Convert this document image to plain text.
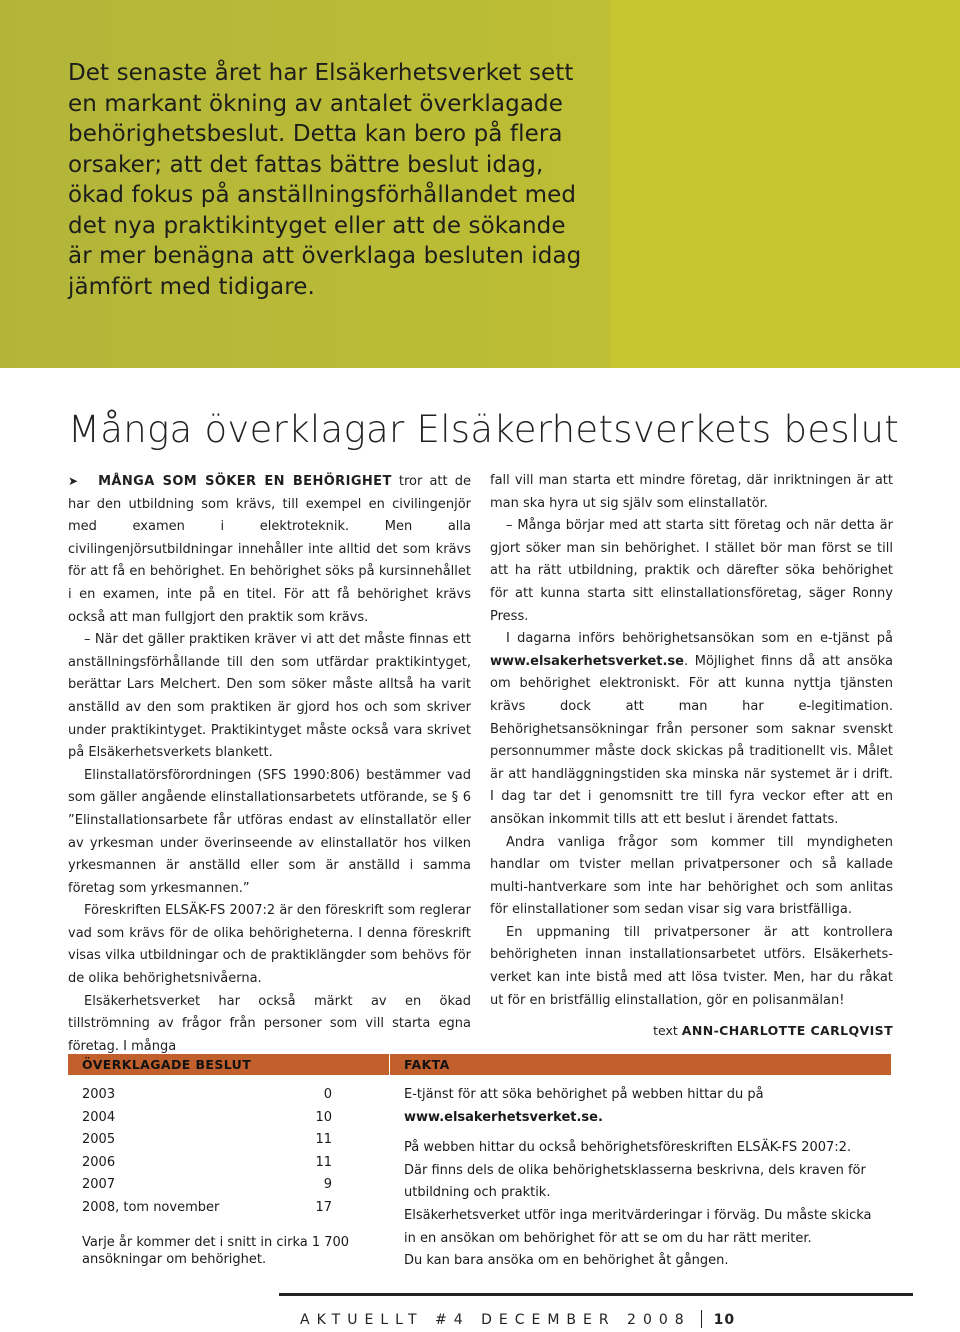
Det senaste året har Elsäkerhetsverket sett en markant ökning av antalet överklagade behörighetsbeslut. Detta kan bero på flera orsaker; att det fattas bättre beslut idag, ökad fokus på anställningsförhållandet med det nya praktikintyget eller att de sökande är mer benägna att överklaga besluten idag jämfört med tidigare.
Många överklagar Elsäkerhetsverkets beslut

➤ MÅNGA SOM SÖKER EN BEHÖRIGHET tror att de har den utbildning som krävs, till exempel en civilingenjör med examen i elektroteknik. Men alla civilingenjörsutbildningar innehåller inte alltid det som krävs för att få en behörighet. En behörighet söks på kursinnehållet i en examen, inte på en titel. För att få behörighet krävs också att man fullgjort den praktik som krävs.

– När det gäller praktiken kräver vi att det måste finnas ett anställningsförhållande till den som utfärdar praktikintyget, berättar Lars Melchert. Den som söker måste alltså ha varit anställd av den som praktiken är gjord hos och som skriver under praktikintyget. Praktikintyget måste också vara skrivet på Elsäkerhetsverkets blankett.

Elinstallatörsförordningen (SFS 1990:806) bestämmer vad som gäller angående elinstallationsarbetets utförande, se § 6 ”Elinstallationsarbete får utföras endast av elinstallatör eller av yrkesman under överinseende av elinstallatör hos vilken yrkesmannen är anställd eller som är anställd i samma företag som yrkesmannen.”

Föreskriften ELSÄK-FS 2007:2 är den föreskrift som reglerar vad som krävs för de olika behörigheterna. I denna föreskrift visas vilka utbildningar och de praktiklängder som behövs för de olika behörighetsnivåerna.

Elsäkerhetsverket har också märkt av en ökad tillströmning av frågor från personer som vill starta egna företag. I många

fall vill man starta ett mindre företag, där inriktningen är att man ska hyra ut sig själv som elinstallatör.

– Många börjar med att starta sitt företag och när detta är gjort söker man sin behörighet. I stället bör man först se till att ha rätt utbildning, praktik och därefter söka behörighet för att kunna starta sitt elinstallationsföretag, säger Ronny Press.

I dagarna införs behörighetsansökan som en e-tjänst på www.elsakerhetsverket.se. Möjlighet finns då att ansöka om behörighet elektroniskt. För att kunna nyttja tjänsten krävs dock att man har e-legitimation. Behörighetsansökningar från personer som saknar svenskt personnummer måste dock skickas på traditionellt vis. Målet är att handläggningstiden ska minska när systemet är i drift. I dag tar det i genomsnitt tre till fyra veckor efter att en ansökan inkommit tills att ett beslut i ärendet fattats.

Andra vanliga frågor som kommer till myndigheten handlar om tvister mellan privatpersoner och så kallade multi-hantverkare som inte har behörighet och som anlitas för elinstallationer som sedan visar sig vara bristfälliga.

En uppmaning till privatpersoner är att kontrollera behörigheten innan installationsarbetet utförs. Elsäkerhets-verket kan inte bistå med att lösa tvister. Men, har du råkat ut för en bristfällig elinstallation, gör en polisanmälan!

text ANN-CHARLOTTE CARLQVIST
ÖVERKLAGADE BESLUT
2003	0
2004	10
2005	11
2006	11
2007	9
2008, tom november	17
Varje år kommer det i snitt in cirka 1 700 ansökningar om behörighet.
FAKTA

E-tjänst för att söka behörighet på webben hittar du på

www.elsakerhetsverket.se.

På webben hittar du också behörighetsföreskriften ELSÄK-FS 2007:2.

Där finns dels de olika behörighetsklasserna beskrivna, dels kraven för utbildning och praktik.

Elsäkerhetsverket utför inga meritvärderingar i förväg. Du måste skicka in en ansökan om behörighet för att se om du har rätt meriter.

Du kan bara ansöka om en behörighet åt gången.

AKTUELLT #4 DECEMBER 2008 10
